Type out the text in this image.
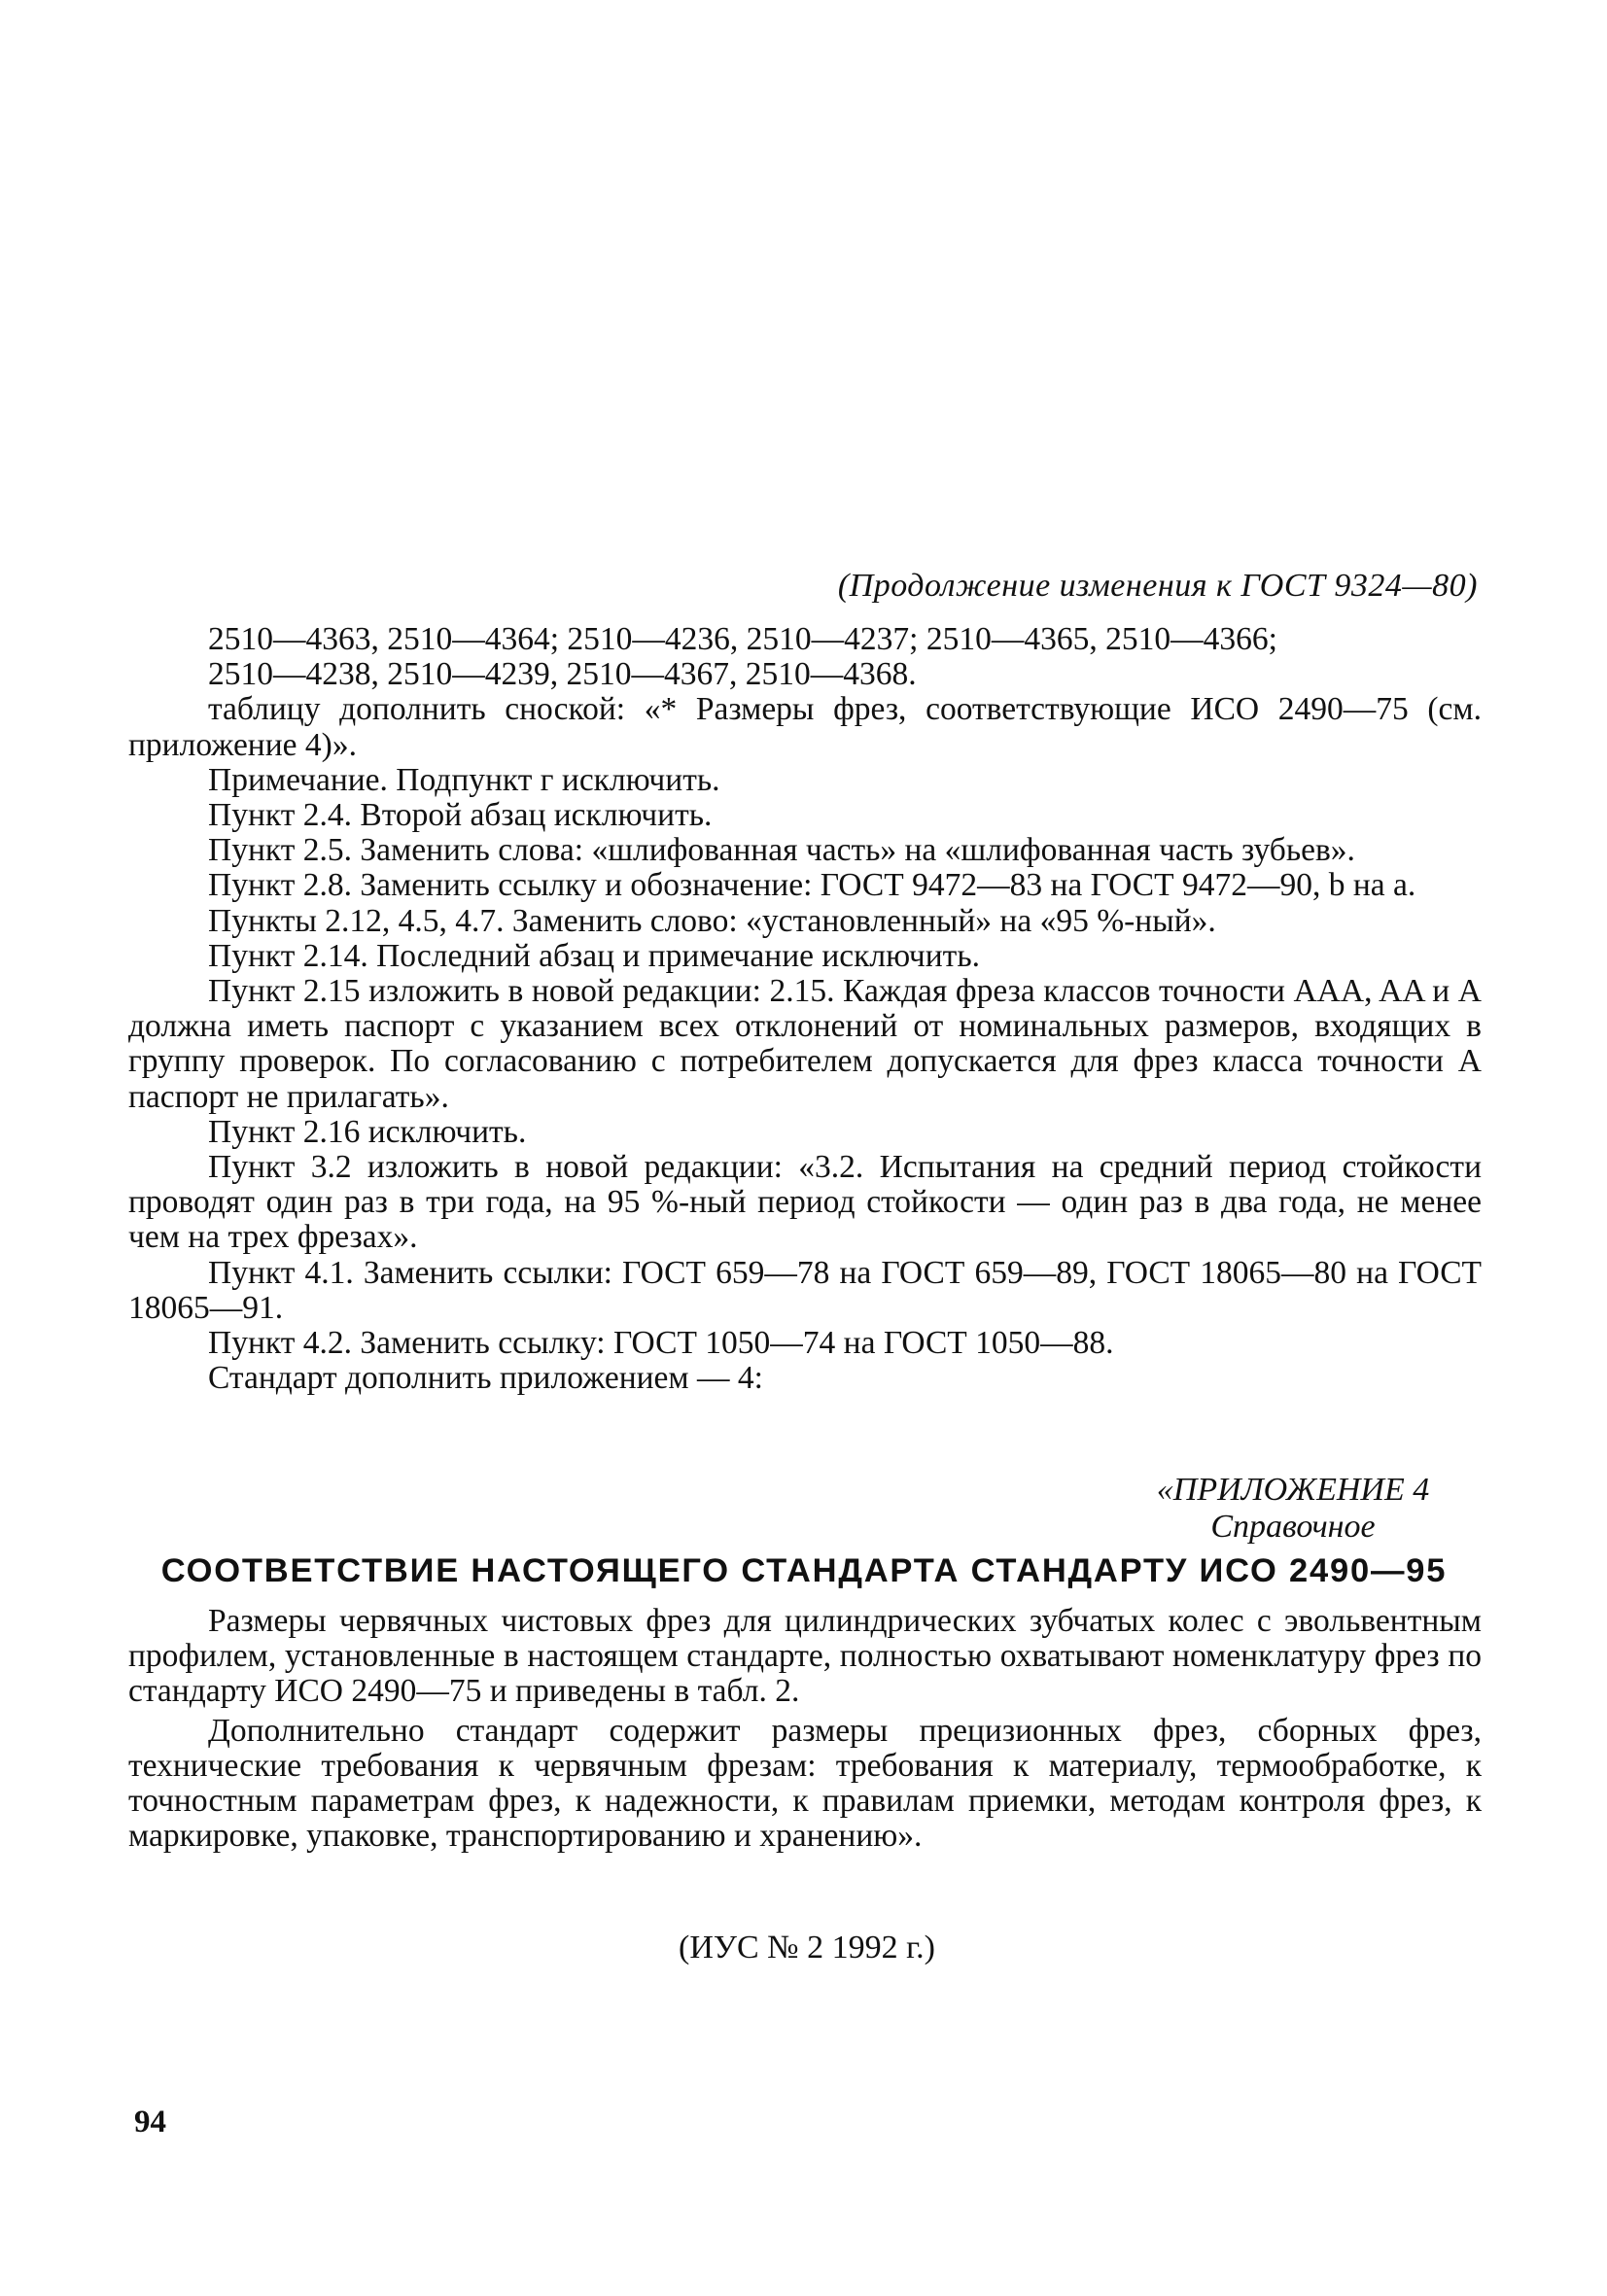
(Продолжение изменения к ГОСТ 9324—80)

2510—4363, 2510—4364; 2510—4236, 2510—4237; 2510—4365, 2510—4366;

2510—4238, 2510—4239, 2510—4367, 2510—4368.

таблицу дополнить сноской: «* Размеры фрез, соответствующие ИСО 2490—75 (см. приложение 4)».

Примечание. Подпункт г исключить.

Пункт 2.4. Второй абзац исключить.

Пункт 2.5. Заменить слова: «шлифованная часть» на «шлифованная часть зубьев».

Пункт 2.8. Заменить ссылку и обозначение: ГОСТ 9472—83 на ГОСТ 9472—90, b на a.

Пункты 2.12, 4.5, 4.7. Заменить слово: «установленный» на «95 %-ный».

Пункт 2.14. Последний абзац и примечание исключить.

Пункт 2.15 изложить в новой редакции: 2.15. Каждая фреза классов точности AAA, AA и A должна иметь паспорт с указанием всех отклонений от номинальных размеров, входящих в группу проверок. По согласованию с потребителем допускается для фрез класса точности A паспорт не прилагать».

Пункт 2.16 исключить.

Пункт 3.2 изложить в новой редакции: «3.2. Испытания на средний период стойкости проводят один раз в три года, на 95 %-ный период стойкости — один раз в два года, не менее чем на трех фрезах».

Пункт 4.1. Заменить ссылки: ГОСТ 659—78 на ГОСТ 659—89, ГОСТ 18065—80 на ГОСТ 18065—91.

Пункт 4.2. Заменить ссылку: ГОСТ 1050—74 на ГОСТ 1050—88.

Стандарт дополнить приложением — 4:

«ПРИЛОЖЕНИЕ 4
Справочное
СООТВЕТСТВИЕ НАСТОЯЩЕГО СТАНДАРТА СТАНДАРТУ ИСО 2490—95

Размеры червячных чистовых фрез для цилиндрических зубчатых колес с эвольвентным профилем, установленные в настоящем стандарте, полностью охватывают номенклатуру фрез по стандарту ИСО 2490—75 и приведены в табл. 2.

Дополнительно стандарт содержит размеры прецизионных фрез, сборных фрез, технические требования к червячным фрезам: требования к материалу, термообработке, к точностным параметрам фрез, к надежности, к правилам приемки, методам контроля фрез, к маркировке, упаковке, транспортированию и хранению».

(ИУС № 2 1992 г.)
94
